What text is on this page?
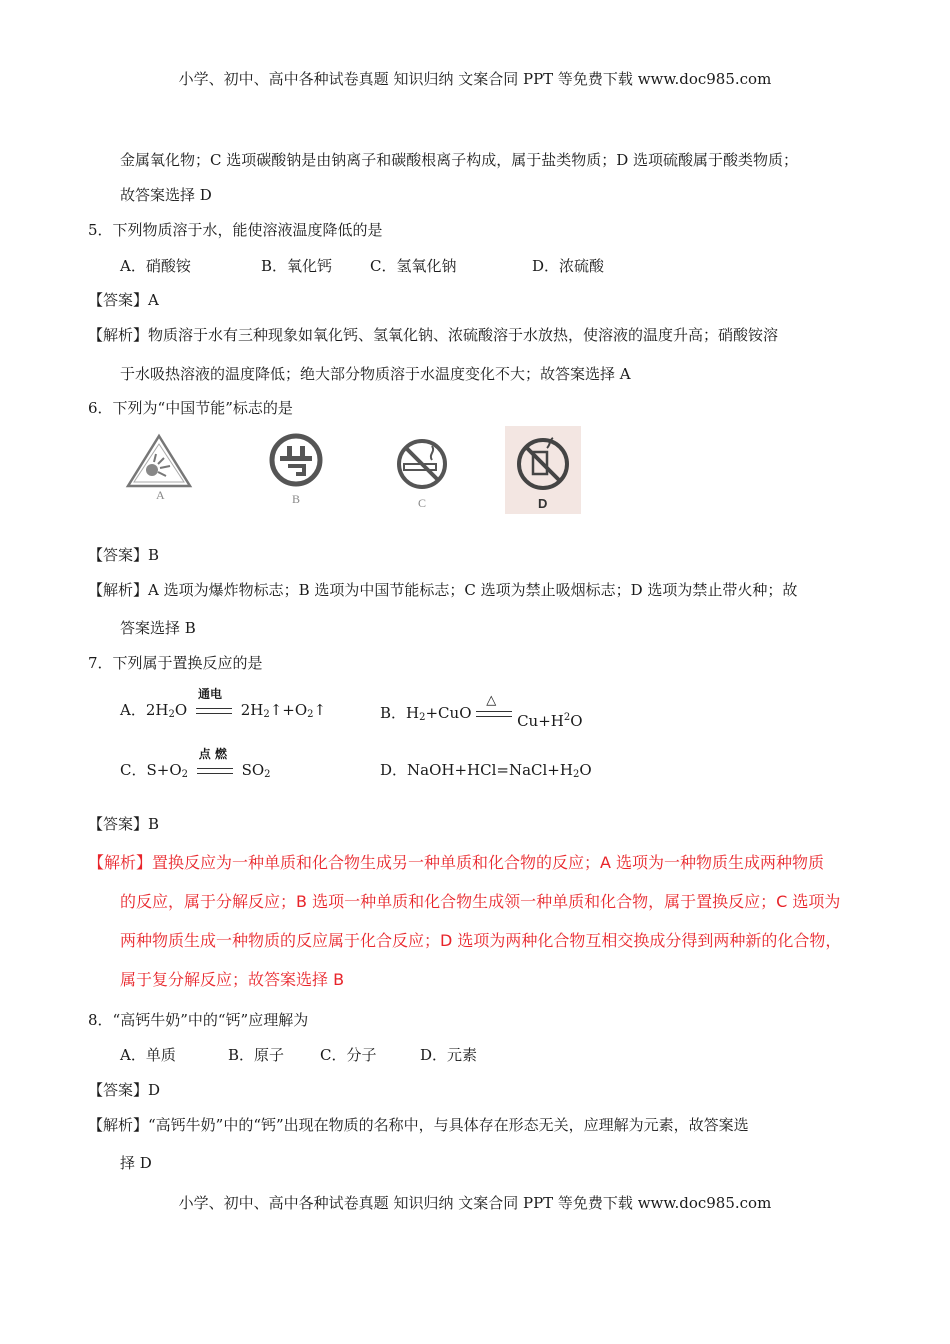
小学、初中、高中各种试卷真题 知识归纳 文案合同 PPT 等免费下载 www.doc985.com
金属氧化物；C 选项碳酸钠是由钠离子和碳酸根离子构成，属于盐类物质；D 选项硫酸属于酸类物质；
故答案选择 D
5．下列物质溶于水，能使溶液温度降低的是
A．硝酸铵	B．氧化钙	C．氢氧化钠	D．浓硫酸
【答案】A
【解析】物质溶于水有三种现象如氧化钙、氢氧化钠、浓硫酸溶于水放热，使溶液的温度升高；硝酸铵溶
于水吸热溶液的温度降低；绝大部分物质溶于水温度变化不大；故答案选择 A
6．下列为“中国节能”标志的是
A	B	C	D
【答案】B
【解析】A 选项为爆炸物标志；B 选项为中国节能标志；C 选项为禁止吸烟标志；D 选项为禁止带火种；故
答案选择 B
7．下列属于置换反应的是
A．$2H_2O$
通电
$2H_2↑+O_2↑$	B．$H_2+CuO$
△
$Cu+H^2O$
C．$S+O_2$
点 燃
$SO_2$	D．$NaOH+HCl=NaCl+H_2O$
【答案】B
【解析】置换反应为一种单质和化合物生成另一种单质和化合物的反应；A 选项为一种物质生成两种物质
的反应，属于分解反应；B 选项一种单质和化合物生成领一种单质和化合物，属于置换反应；C 选项为
两种物质生成一种物质的反应属于化合反应；D 选项为两种化合物互相交换成分得到两种新的化合物，
属于复分解反应；故答案选择 B
8．“高钙牛奶”中的“钙”应理解为
A．单质	B．原子 C．分子	D．元素
【答案】D
【解析】“高钙牛奶”中的“钙”出现在物质的名称中，与具体存在形态无关，应理解为元素，故答案选
择 D
小学、初中、高中各种试卷真题 知识归纳 文案合同 PPT 等免费下载 www.doc985.com
